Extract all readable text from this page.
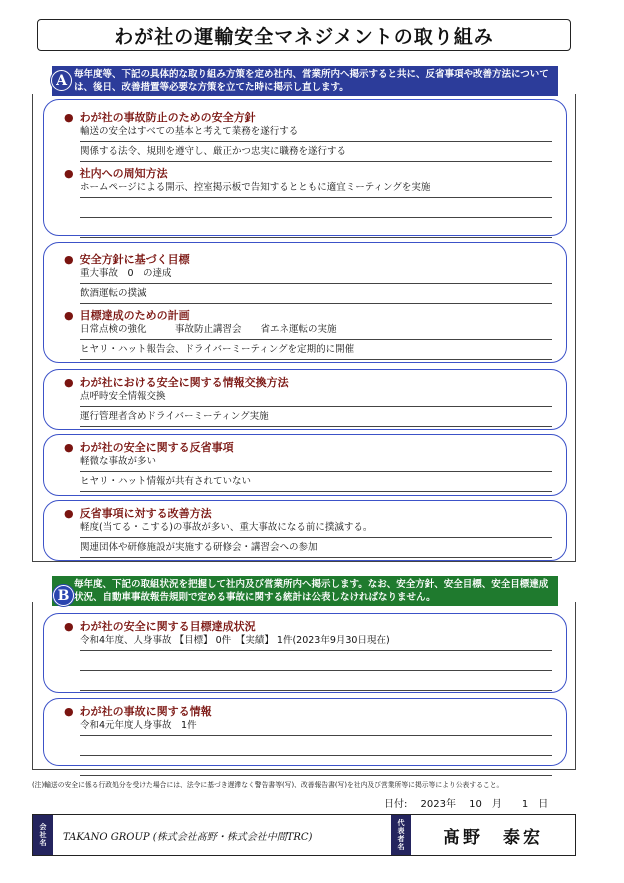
わが社の運輸安全マネジメントの取り組み
毎年度等、下記の具体的な取り組み方策を定め社内、営業所内へ掲示すると共に、反省事項や改善方法については、後日、改善措置等必要な方策を立てた時に掲示し直します。
A
● わが社の事故防止のための安全方針
輸送の安全はすべての基本と考えて業務を遂行する
関係する法令、規則を遵守し、厳正かつ忠実に職務を遂行する
● 社内への周知方法
ホームページによる開示、控室掲示板で告知するとともに適宜ミーティングを実施
● 安全方針に基づく目標
重大事故　0　の達成
飲酒運転の撲滅
● 目標達成のための計画
日常点検の強化　　　事故防止講習会　　省エネ運転の実施
ヒヤリ・ハット報告会、ドライバーミーティングを定期的に開催
● わが社における安全に関する情報交換方法
点呼時安全情報交換
運行管理者含めドライバーミーティング実施
● わが社の安全に関する反省事項
軽微な事故が多い
ヒヤリ・ハット情報が共有されていない
● 反省事項に対する改善方法
軽度(当てる・こする)の事故が多い、重大事故になる前に撲滅する。
関連団体や研修施設が実施する研修会・講習会への参加
毎年度、下記の取組状況を把握して社内及び営業所内へ掲示します。なお、安全方針、安全目標、安全目標達成状況、自動車事故報告規則で定める事故に関する統計は公表しなければなりません。
B
● わが社の安全に関する目標達成状況
令和4年度、人身事故 【目標】 0件　【実績】 1件(2023年9月30日現在)
● わが社の事故に関する情報
令和4元年度人身事故　1件
(注)輸送の安全に係る行政処分を受けた場合には、法令に基づき遅滞なく警告書等(写)、改善報告書(写)を社内及び営業所等に掲示等により公表すること。
日付:　 2023年　 10　月　　1　日
会
社
名
TAKANO GROUP (株式会社髙野・株式会社中間TRC)
代
表
者
名	髙野　泰宏
